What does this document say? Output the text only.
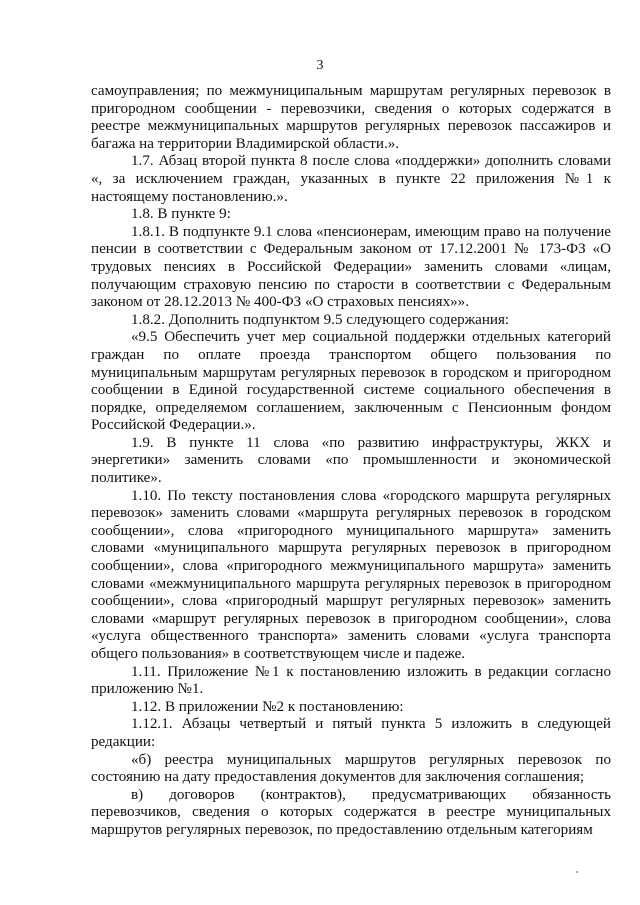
3

самоуправления; по межмуниципальным маршрутам регулярных перевозок в пригородном сообщении - перевозчики, сведения о которых содержатся в реестре межмуниципальных маршрутов регулярных перевозок пассажиров и багажа на территории Владимирской области.».

1.7. Абзац второй пункта 8 после слова «поддержки» дополнить словами «, за исключением граждан, указанных в пункте 22 приложения №1 к настоящему постановлению.».

1.8. В пункте 9:

1.8.1. В подпункте 9.1 слова «пенсионерам, имеющим право на получение пенсии в соответствии с Федеральным законом от 17.12.2001 № 173-ФЗ «О трудовых пенсиях в Российской Федерации» заменить словами «лицам, получающим страховую пенсию по старости в соответствии с Федеральным законом от 28.12.2013 № 400-ФЗ «О страховых пенсиях»».

1.8.2. Дополнить подпунктом 9.5 следующего содержания:

«9.5 Обеспечить учет мер социальной поддержки отдельных категорий граждан по оплате проезда транспортом общего пользования по муниципальным маршрутам регулярных перевозок в городском и пригородном сообщении в Единой государственной системе социального обеспечения в порядке, определяемом соглашением, заключенным с Пенсионным фондом Российской Федерации.».

1.9. В пункте 11 слова «по развитию инфраструктуры, ЖКХ и энергетики» заменить словами «по промышленности и экономической политике».

1.10. По тексту постановления слова «городского маршрута регулярных перевозок» заменить словами «маршрута регулярных перевозок в городском сообщении», слова «пригородного муниципального маршрута» заменить словами «муниципального маршрута регулярных перевозок в пригородном сообщении», слова «пригородного межмуниципального маршрута» заменить словами «межмуниципального маршрута регулярных перевозок в пригородном сообщении», слова «пригородный маршрут регулярных перевозок» заменить словами «маршрут регулярных перевозок в пригородном сообщении», слова «услуга общественного транспорта» заменить словами «услуга транспорта общего пользования» в соответствующем числе и падеже.

1.11. Приложение №1 к постановлению изложить в редакции согласно приложению №1.

1.12. В приложении №2 к постановлению:

1.12.1. Абзацы четвертый и пятый пункта 5 изложить в следующей редакции:

«б) реестра муниципальных маршрутов регулярных перевозок по состоянию на дату предоставления документов для заключения соглашения;

в) договоров (контрактов), предусматривающих обязанность перевозчиков, сведения о которых содержатся в реестре муниципальных маршрутов регулярных перевозок, по предоставлению отдельным категориям
